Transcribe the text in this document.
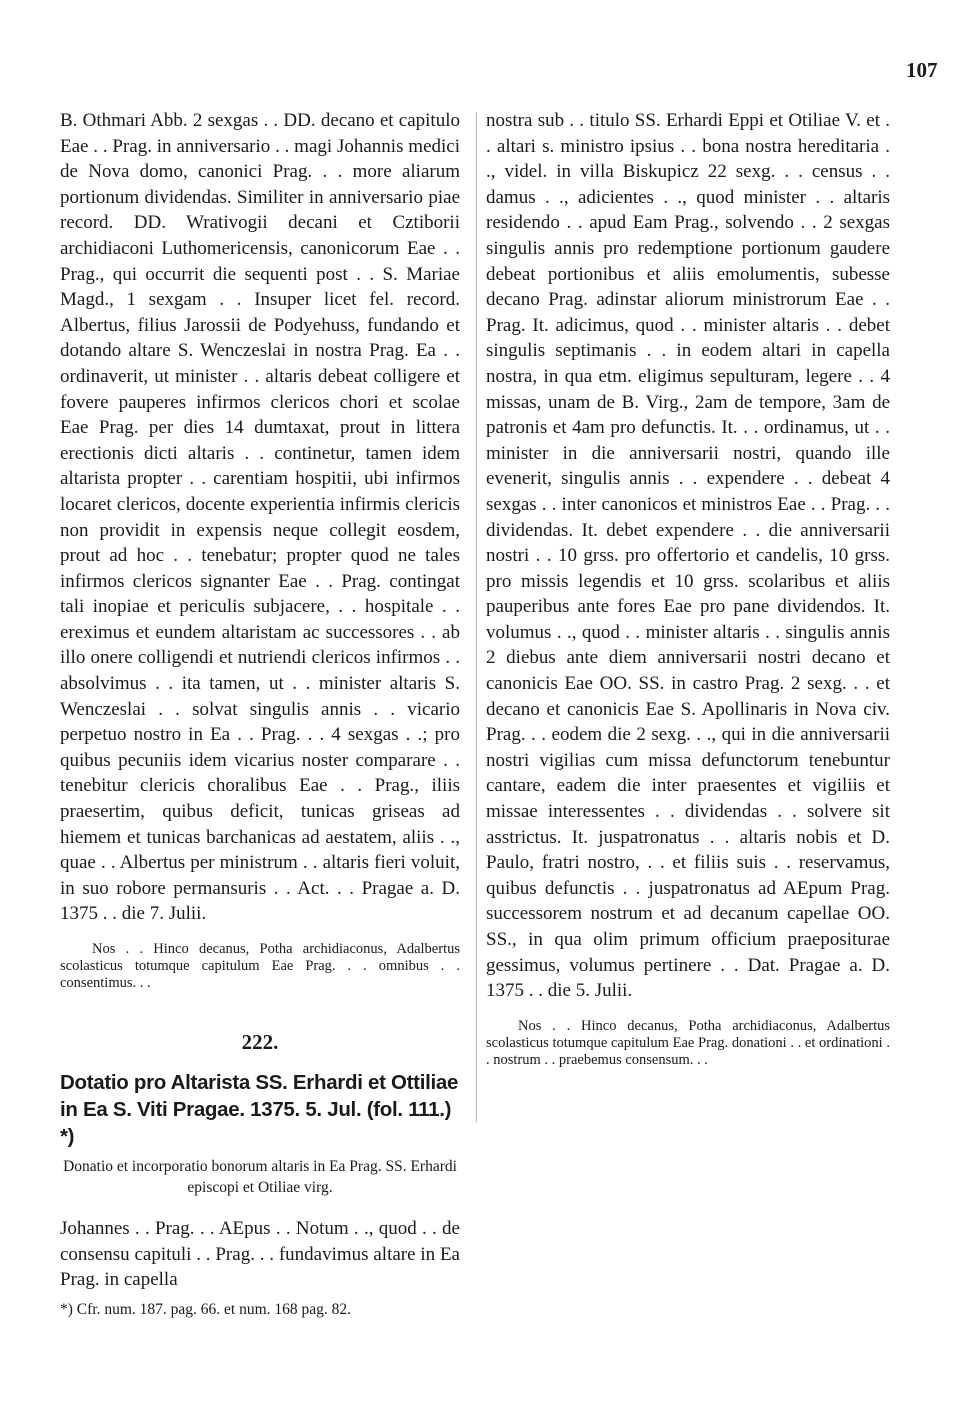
107

B. Othmari Abb. 2 sexgas . . DD. decano et capitulo Eae . . Prag. in anniversario . . magi Johannis medici de Nova domo, canonici Prag. . . more aliarum portionum dividendas. Similiter in anniversario piae record. DD. Wrativogii decani et Cztiborii archidiaconi Luthomericensis, canonicorum Eae . . Prag., qui occurrit die sequenti post . . S. Mariae Magd., 1 sexgam . . Insuper licet fel. record. Albertus, filius Jarossii de Podyehuss, fundando et dotando altare S. Wenczeslai in nostra Prag. Ea . . ordinaverit, ut minister . . altaris debeat colligere et fovere pauperes infirmos clericos chori et scolae Eae Prag. per dies 14 dumtaxat, prout in littera erectionis dicti altaris . . continetur, tamen idem altarista propter . . carentiam hospitii, ubi infirmos locaret clericos, docente experientia infirmis clericis non providit in expensis neque collegit eosdem, prout ad hoc . . tenebatur; propter quod ne tales infirmos clericos signanter Eae . . Prag. contingat tali inopiae et periculis subjacere, . . hospitale . . ereximus et eundem altaristam ac successores . . ab illo onere colligendi et nutriendi clericos infirmos . . absolvimus . . ita tamen, ut . . minister altaris S. Wenczeslai . . solvat singulis annis . . vicario perpetuo nostro in Ea . . Prag. . . 4 sexgas . .; pro quibus pecuniis idem vicarius noster comparare . . tenebitur clericis choralibus Eae . . Prag., iliis praesertim, quibus deficit, tunicas griseas ad hiemem et tunicas barchanicas ad aestatem, aliis . ., quae . . Albertus per ministrum . . altaris fieri voluit, in suo robore permansuris . . Act. . . Pragae a. D. 1375 . . die 7. Julii.

Nos . . Hinco decanus, Potha archidiaconus, Adalbertus scolasticus totumque capitulum Eae Prag. . . omnibus . . consentimus. . .

222.

Dotatio pro Altarista SS. Erhardi et Ottiliae in Ea S. Viti Pragae. 1375. 5. Jul. (fol. 111.) *)

Donatio et incorporatio bonorum altaris in Ea Prag. SS. Erhardi episcopi et Otiliae virg.

Johannes . . Prag. . . AEpus . . Notum . ., quod . . de consensu capituli . . Prag. . . fundavimus altare in Ea Prag. in capella

nostra sub . . titulo SS. Erhardi Eppi et Otiliae V. et . . altari s. ministro ipsius . . bona nostra hereditaria . ., videl. in villa Biskupicz 22 sexg. . . census . . damus . ., adicientes . ., quod minister . . altaris residendo . . apud Eam Prag., solvendo . . 2 sexgas singulis annis pro redemptione portionum gaudere debeat portionibus et aliis emolumentis, subesse decano Prag. adinstar aliorum ministrorum Eae . . Prag. It. adicimus, quod . . minister altaris . . debet singulis septimanis . . in eodem altari in capella nostra, in qua etm. eligimus sepulturam, legere . . 4 missas, unam de B. Virg., 2am de tempore, 3am de patronis et 4am pro defunctis. It. . . ordinamus, ut . . minister in die anniversarii nostri, quando ille evenerit, singulis annis . . expendere . . debeat 4 sexgas . . inter canonicos et ministros Eae . . Prag. . . dividendas. It. debet expendere . . die anniversarii nostri . . 10 grss. pro offertorio et candelis, 10 grss. pro missis legendis et 10 grss. scolaribus et aliis pauperibus ante fores Eae pro pane dividendos. It. volumus . ., quod . . minister altaris . . singulis annis 2 diebus ante diem anniversarii nostri decano et canonicis Eae OO. SS. in castro Prag. 2 sexg. . . et decano et canonicis Eae S. Apollinaris in Nova civ. Prag. . . eodem die 2 sexg. . ., qui in die anniversarii nostri vigilias cum missa defunctorum tenebuntur cantare, eadem die inter praesentes et vigiliis et missae interessentes . . dividendas . . solvere sit asstrictus. It. juspatronatus . . altaris nobis et D. Paulo, fratri nostro, . . et filiis suis . . reservamus, quibus defunctis . . juspatronatus ad AEpum Prag. successorem nostrum et ad decanum capellae OO. SS., in qua olim primum officium praepositurae gessimus, volumus pertinere . . Dat. Pragae a. D. 1375 . . die 5. Julii.

Nos . . Hinco decanus, Potha archidiaconus, Adalbertus scolasticus totumque capitulum Eae Prag. donationi . . et ordinationi . . nostrum . . praebemus consensum. . .

*) Cfr. num. 187. pag. 66. et num. 168 pag. 82.
